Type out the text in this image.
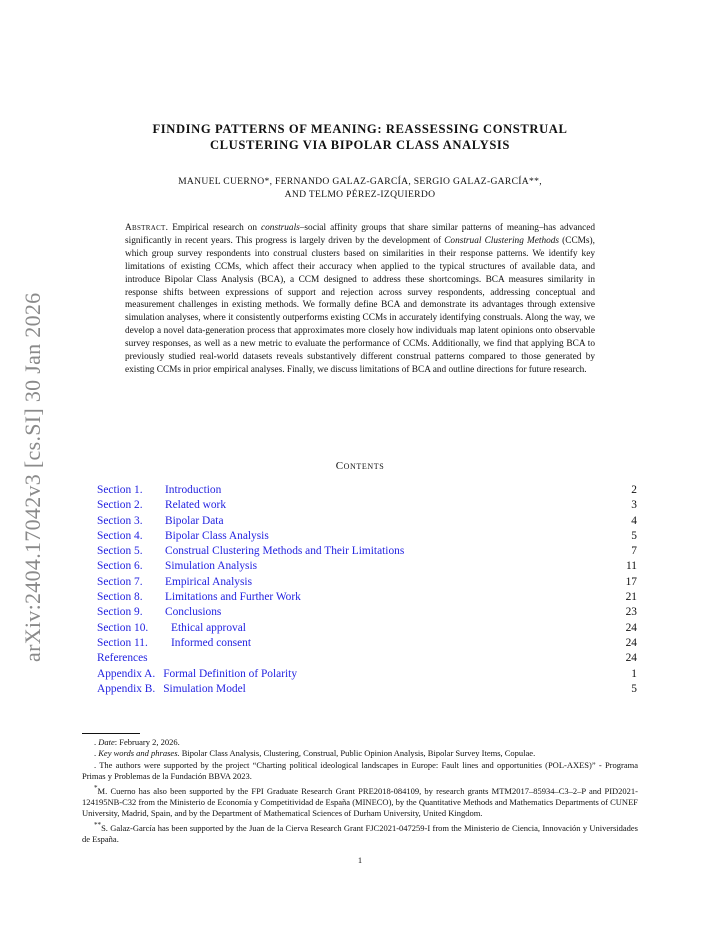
arXiv:2404.17042v3 [cs.SI] 30 Jan 2026
FINDING PATTERNS OF MEANING: REASSESSING CONSTRUAL
CLUSTERING VIA BIPOLAR CLASS ANALYSIS
MANUEL CUERNO*, FERNANDO GALAZ-GARCÍA, SERGIO GALAZ-GARCÍA**,
AND TELMO PÉREZ-IZQUIERDO

Abstract. Empirical research on construals–social affinity groups that share similar patterns of meaning–has advanced significantly in recent years. This progress is largely driven by the development of Construal Clustering Methods (CCMs), which group survey respondents into construal clusters based on similarities in their response patterns. We identify key limitations of existing CCMs, which affect their accuracy when applied to the typical structures of available data, and introduce Bipolar Class Analysis (BCA), a CCM designed to address these shortcomings. BCA measures similarity in response shifts between expressions of support and rejection across survey respondents, addressing conceptual and measurement challenges in existing methods. We formally define BCA and demonstrate its advantages through extensive simulation analyses, where it consistently outperforms existing CCMs in accurately identifying construals. Along the way, we develop a novel data-generation process that approximates more closely how individuals map latent opinions onto observable survey responses, as well as a new metric to evaluate the performance of CCMs. Additionally, we find that applying BCA to previously studied real-world datasets reveals substantively different construal patterns compared to those generated by existing CCMs in prior empirical analyses. Finally, we discuss limitations of BCA and outline directions for future research.

Contents
Section 1. Introduction	2
Section 2. Related work	3
Section 3. Bipolar Data	4
Section 4. Bipolar Class Analysis	5
Section 5. Construal Clustering Methods and Their Limitations	7
Section 6. Simulation Analysis	11
Section 7. Empirical Analysis	17
Section 8. Limitations and Further Work	21
Section 9. Conclusions	23
Section 10. Ethical approval	24
Section 11. Informed consent	24
References	24
Appendix A. Formal Definition of Polarity	1
Appendix B. Simulation Model	5

. Date: February 2, 2026.

. Key words and phrases. Bipolar Class Analysis, Clustering, Construal, Public Opinion Analysis, Bipolar Survey Items, Copulae.

. The authors were supported by the project “Charting political ideological landscapes in Europe: Fault lines and opportunities (POL-AXES)” - Programa Primas y Problemas de la Fundación BBVA 2023.

*M. Cuerno has also been supported by the FPI Graduate Research Grant PRE2018-084109, by research grants MTM2017–85934–C3–2–P and PID2021-124195NB-C32 from the Ministerio de Economía y Competitividad de España (MINECO), by the Quantitative Methods and Mathematics Departments of CUNEF University, Madrid, Spain, and by the Department of Mathematical Sciences of Durham University, United Kingdom.

**S. Galaz-García has been supported by the Juan de la Cierva Research Grant FJC2021-047259-I from the Ministerio de Ciencia, Innovación y Universidades de España.

1
